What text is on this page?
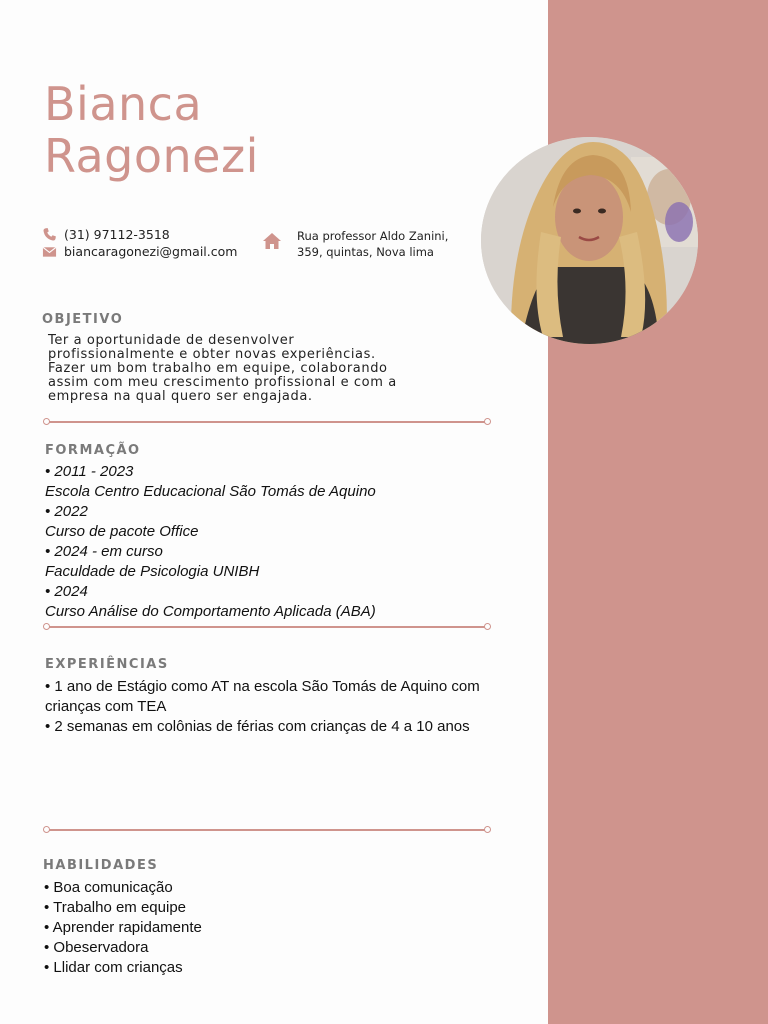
Bianca
Ragonezi
(31) 97112-3518
biancaragonezi@gmail.com
Rua professor Aldo Zanini,
359, quintas, Nova lima
OBJETIVO
Ter a oportunidade de desenvolver
profissionalmente e obter novas experiências.
Fazer um bom trabalho em equipe, colaborando
assim com meu crescimento profissional e com a
empresa na qual quero ser engajada.
FORMAÇÃO
• 2011 - 2023
Escola Centro Educacional São Tomás de Aquino
• 2022
Curso de pacote Office
• 2024 - em curso
Faculdade de Psicologia UNIBH
• 2024
Curso Análise do Comportamento Aplicada (ABA)
EXPERIÊNCIAS
• 1 ano de Estágio como AT na escola São Tomás de Aquino com crianças com TEA
• 2 semanas em colônias de férias com crianças de 4 a 10 anos
HABILIDADES
• Boa comunicação
• Trabalho em equipe
• Aprender rapidamente
• Obeservadora
• Llidar com crianças
